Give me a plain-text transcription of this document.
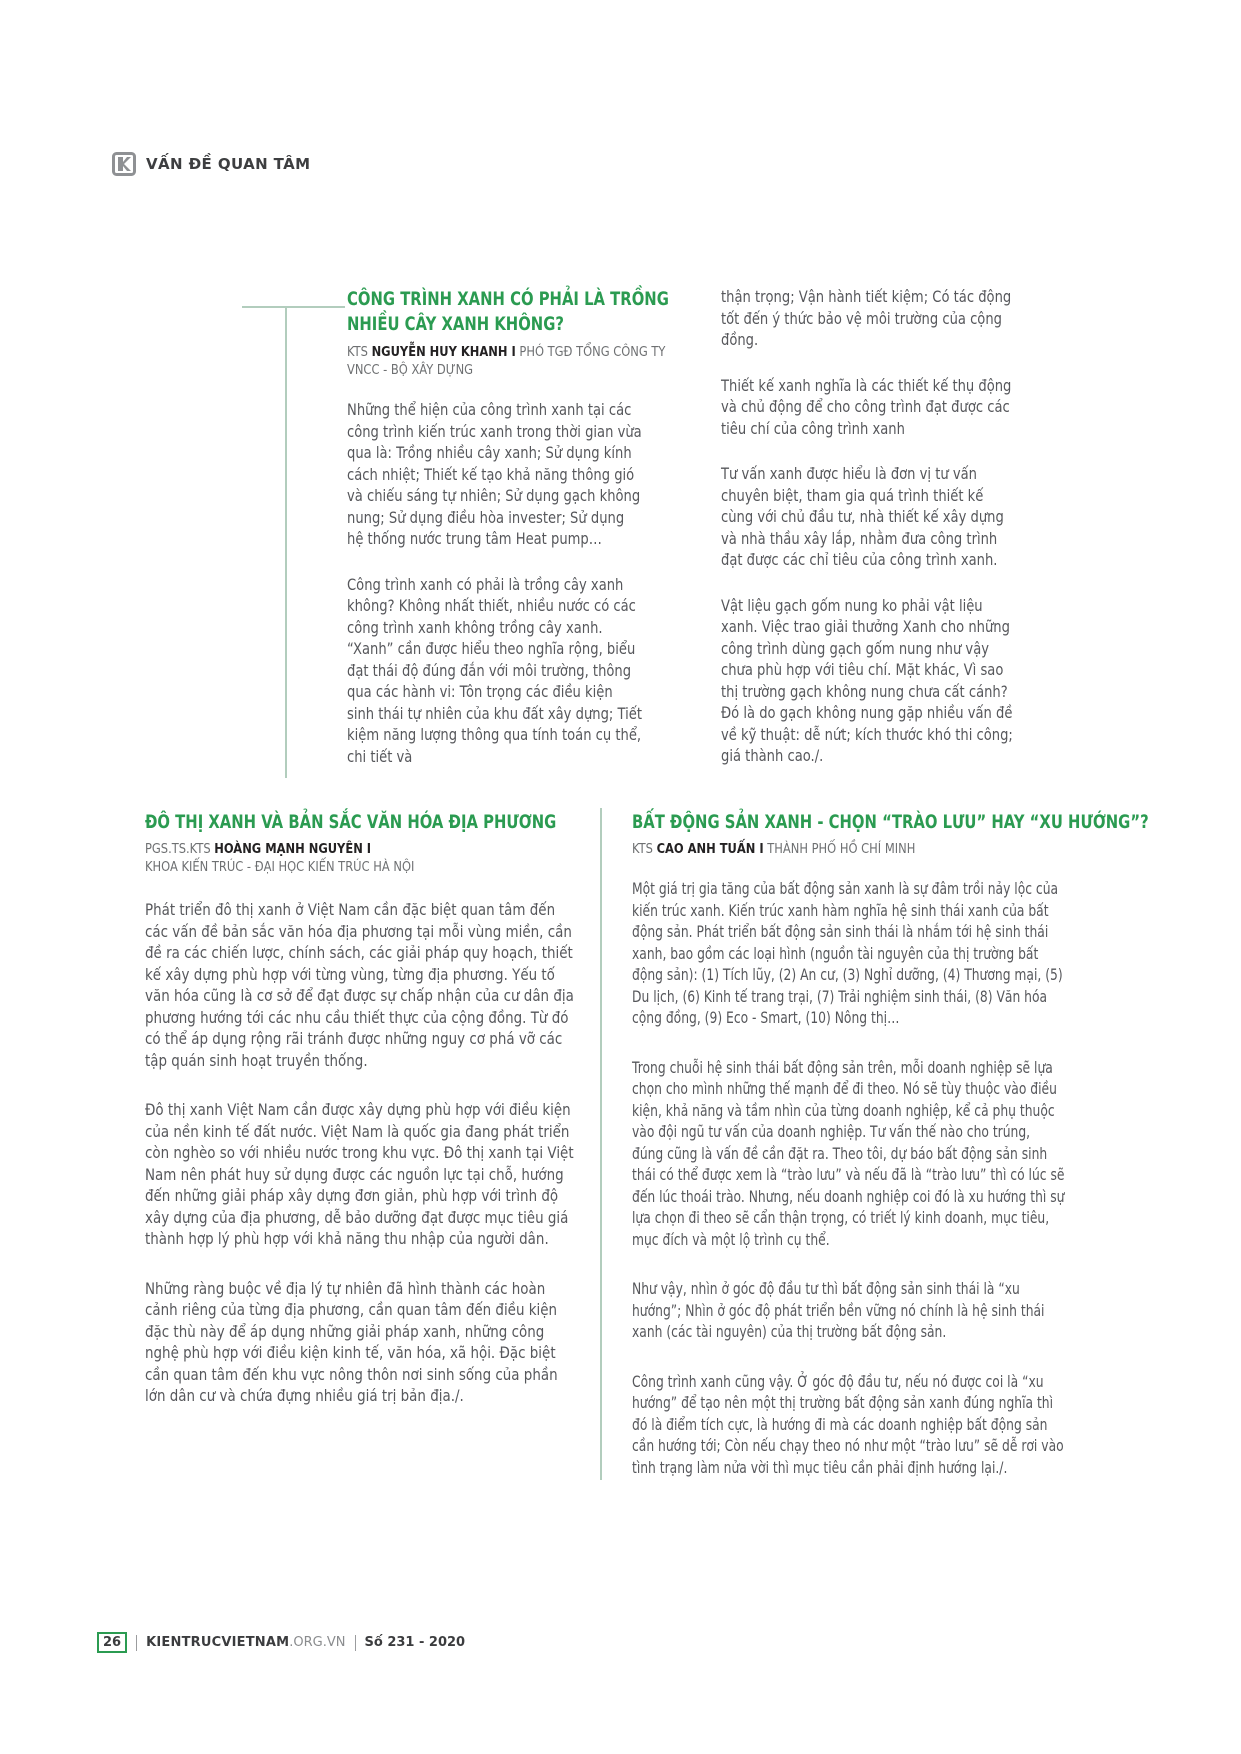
VẤN ĐỀ QUAN TÂM
CÔNG TRÌNH XANH CÓ PHẢI LÀ TRỒNG NHIỀU CÂY XANH KHÔNG?
KTS NGUYỄN HUY KHANH I PHÓ TGĐ TỔNG CÔNG TY VNCC - BỘ XÂY DỰNG

Những thể hiện của công trình xanh tại các công trình kiến trúc xanh trong thời gian vừa qua là: Trồng nhiều cây xanh; Sử dụng kính cách nhiệt; Thiết kế tạo khả năng thông gió và chiếu sáng tự nhiên; Sử dụng gạch không nung; Sử dụng điều hòa invester; Sử dụng hệ thống nước trung tâm Heat pump…

Công trình xanh có phải là trồng cây xanh không? Không nhất thiết, nhiều nước có các công trình xanh không trồng cây xanh. “Xanh” cần được hiểu theo nghĩa rộng, biểu đạt thái độ đúng đắn với môi trường, thông qua các hành vi: Tôn trọng các điều kiện sinh thái tự nhiên của khu đất xây dựng; Tiết kiệm năng lượng thông qua tính toán cụ thể, chi tiết và

thận trọng; Vận hành tiết kiệm; Có tác động tốt đến ý thức bảo vệ môi trường của cộng đồng.

Thiết kế xanh nghĩa là các thiết kế thụ động và chủ động để cho công trình đạt được các tiêu chí của công trình xanh

Tư vấn xanh được hiểu là đơn vị tư vấn chuyên biệt, tham gia quá trình thiết kế cùng với chủ đầu tư, nhà thiết kế xây dựng và nhà thầu xây lắp, nhằm đưa công trình đạt được các chỉ tiêu của công trình xanh.

Vật liệu gạch gốm nung ko phải vật liệu xanh. Việc trao giải thưởng Xanh cho những công trình dùng gạch gốm nung như vậy chưa phù hợp với tiêu chí. Mặt khác, Vì sao thị trường gạch không nung chưa cất cánh? Đó là do gạch không nung gặp nhiều vấn đề về kỹ thuật: dễ nứt; kích thước khó thi công; giá thành cao./.

ĐÔ THỊ XANH VÀ BẢN SẮC VĂN HÓA ĐỊA PHƯƠNG
PGS.TS.KTS HOÀNG MẠNH NGUYÊN I
KHOA KIẾN TRÚC - ĐẠI HỌC KIẾN TRÚC HÀ NỘI

Phát triển đô thị xanh ở Việt Nam cần đặc biệt quan tâm đến các vấn đề bản sắc văn hóa địa phương tại mỗi vùng miền, cần đề ra các chiến lược, chính sách, các giải pháp quy hoạch, thiết kế xây dựng phù hợp với từng vùng, từng địa phương. Yếu tố văn hóa cũng là cơ sở để đạt được sự chấp nhận của cư dân địa phương hướng tới các nhu cầu thiết thực của cộng đồng. Từ đó có thể áp dụng rộng rãi tránh được những nguy cơ phá vỡ các tập quán sinh hoạt truyền thống.

Đô thị xanh Việt Nam cần được xây dựng phù hợp với điều kiện của nền kinh tế đất nước. Việt Nam là quốc gia đang phát triển còn nghèo so với nhiều nước trong khu vực. Đô thị xanh tại Việt Nam nên phát huy sử dụng được các nguồn lực tại chỗ, hướng đến những giải pháp xây dựng đơn giản, phù hợp với trình độ xây dựng của địa phương, dễ bảo dưỡng đạt được mục tiêu giá thành hợp lý phù hợp với khả năng thu nhập của người dân.

Những ràng buộc về địa lý tự nhiên đã hình thành các hoàn cảnh riêng của từng địa phương, cần quan tâm đến điều kiện đặc thù này để áp dụng những giải pháp xanh, những công nghệ phù hợp với điều kiện kinh tế, văn hóa, xã hội. Đặc biệt cần quan tâm đến khu vực nông thôn nơi sinh sống của phần lớn dân cư và chứa đựng nhiều giá trị bản địa./.

BẤT ĐỘNG SẢN XANH - CHỌN “TRÀO LƯU” HAY “XU HƯỚNG”?
KTS CAO ANH TUẤN I THÀNH PHỐ HỒ CHÍ MINH

Một giá trị gia tăng của bất động sản xanh là sự đâm trồi nảy lộc của kiến trúc xanh. Kiến trúc xanh hàm nghĩa hệ sinh thái xanh của bất động sản. Phát triển bất động sản sinh thái là nhắm tới hệ sinh thái xanh, bao gồm các loại hình (nguồn tài nguyên của thị trường bất động sản): (1) Tích lũy, (2) An cư, (3) Nghỉ dưỡng, (4) Thương mại, (5) Du lịch, (6) Kinh tế trang trại, (7) Trải nghiệm sinh thái, (8) Văn hóa cộng đồng, (9) Eco - Smart, (10) Nông thị…

Trong chuỗi hệ sinh thái bất động sản trên, mỗi doanh nghiệp sẽ lựa chọn cho mình những thế mạnh để đi theo. Nó sẽ tùy thuộc vào điều kiện, khả năng và tầm nhìn của từng doanh nghiệp, kể cả phụ thuộc vào đội ngũ tư vấn của doanh nghiệp. Tư vấn thế nào cho trúng, đúng cũng là vấn đề cần đặt ra. Theo tôi, dự báo bất động sản sinh thái có thể được xem là “trào lưu” và nếu đã là “trào lưu” thì có lúc sẽ đến lúc thoái trào. Nhưng, nếu doanh nghiệp coi đó là xu hướng thì sự lựa chọn đi theo sẽ cẩn thận trọng, có triết lý kinh doanh, mục tiêu, mục đích và một lộ trình cụ thể.

Như vậy, nhìn ở góc độ đầu tư thì bất động sản sinh thái là “xu hướng”; Nhìn ở góc độ phát triển bền vững nó chính là hệ sinh thái xanh (các tài nguyên) của thị trường bất động sản.

Công trình xanh cũng vậy. Ở góc độ đầu tư, nếu nó được coi là “xu hướng” để tạo nên một thị trường bất động sản xanh đúng nghĩa thì đó là điểm tích cực, là hướng đi mà các doanh nghiệp bất động sản cần hướng tới; Còn nếu chạy theo nó như một “trào lưu” sẽ dễ rơi vào tình trạng làm nửa vời thì mục tiêu cần phải định hướng lại./.

26 KIENTRUCVIETNAM.ORG.VN Số 231 - 2020
